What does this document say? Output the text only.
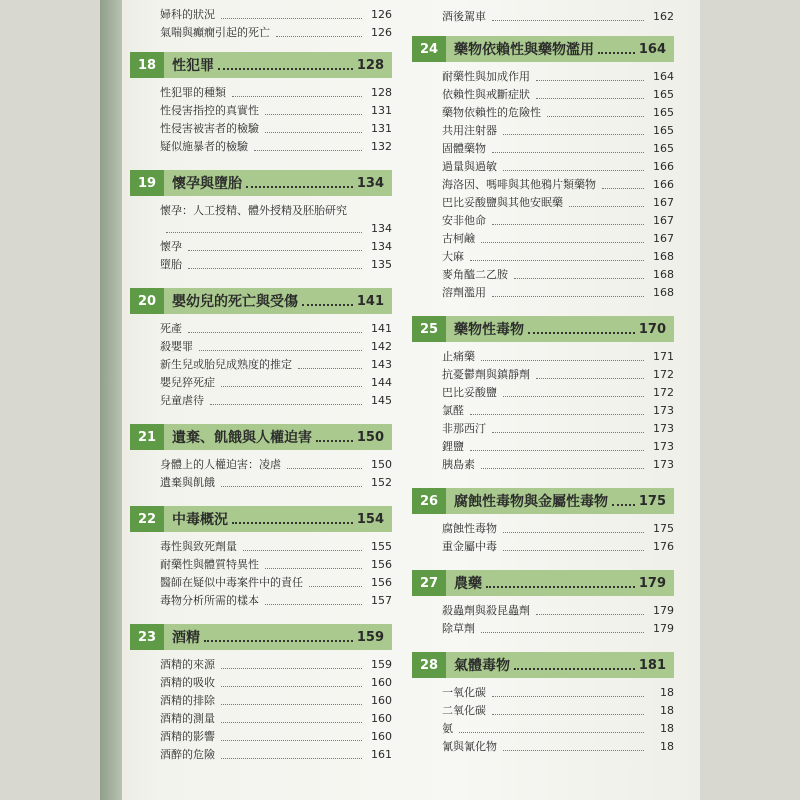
婦科的狀況	126
氣喘與癲癇引起的死亡	126
18	性犯罪	128
性犯罪的種類	128
性侵害指控的真實性	131
性侵害被害者的檢驗	131
疑似施暴者的檢驗	132
19	懷孕與墮胎	134
懷孕：人工授精、體外授精及胚胎研究
134
懷孕	134
墮胎	135
20	嬰幼兒的死亡與受傷	141
死產	141
殺嬰罪	142
新生兒或胎兒成熟度的推定	143
嬰兒猝死症	144
兒童虐待	145
21	遺棄、飢餓與人權迫害	150
身體上的人權迫害：凌虐	150
遺棄與飢餓	152
22	中毒概況	154
毒性與致死劑量	155
耐藥性與體質特異性	156
醫師在疑似中毒案件中的責任	156
毒物分析所需的樣本	157
23	酒精	159
酒精的來源	159
酒精的吸收	160
酒精的排除	160
酒精的測量	160
酒精的影響	160
酒醉的危險	161
酒後駕車	162
24	藥物依賴性與藥物濫用	164
耐藥性與加成作用	164
依賴性與戒斷症狀	165
藥物依賴性的危險性	165
共用注射器	165
固體藥物	165
過量與過敏	166
海洛因、嗎啡與其他鴉片類藥物	166
巴比妥酸鹽與其他安眠藥	167
安非他命	167
古柯鹼	167
大麻	168
麥角醯二乙胺	168
溶劑濫用	168
25	藥物性毒物	170
止痛藥	171
抗憂鬱劑與鎮靜劑	172
巴比妥酸鹽	172
氯醛	173
非那西汀	173
鋰鹽	173
胰島素	173
26	腐蝕性毒物與金屬性毒物 175
腐蝕性毒物	175
重金屬中毒	176
27	農藥	179
殺蟲劑與殺昆蟲劑	179
除草劑	179
28	氣體毒物	181
一氧化碳	18
二氧化碳	18
氨	18
氰與氰化物	18
